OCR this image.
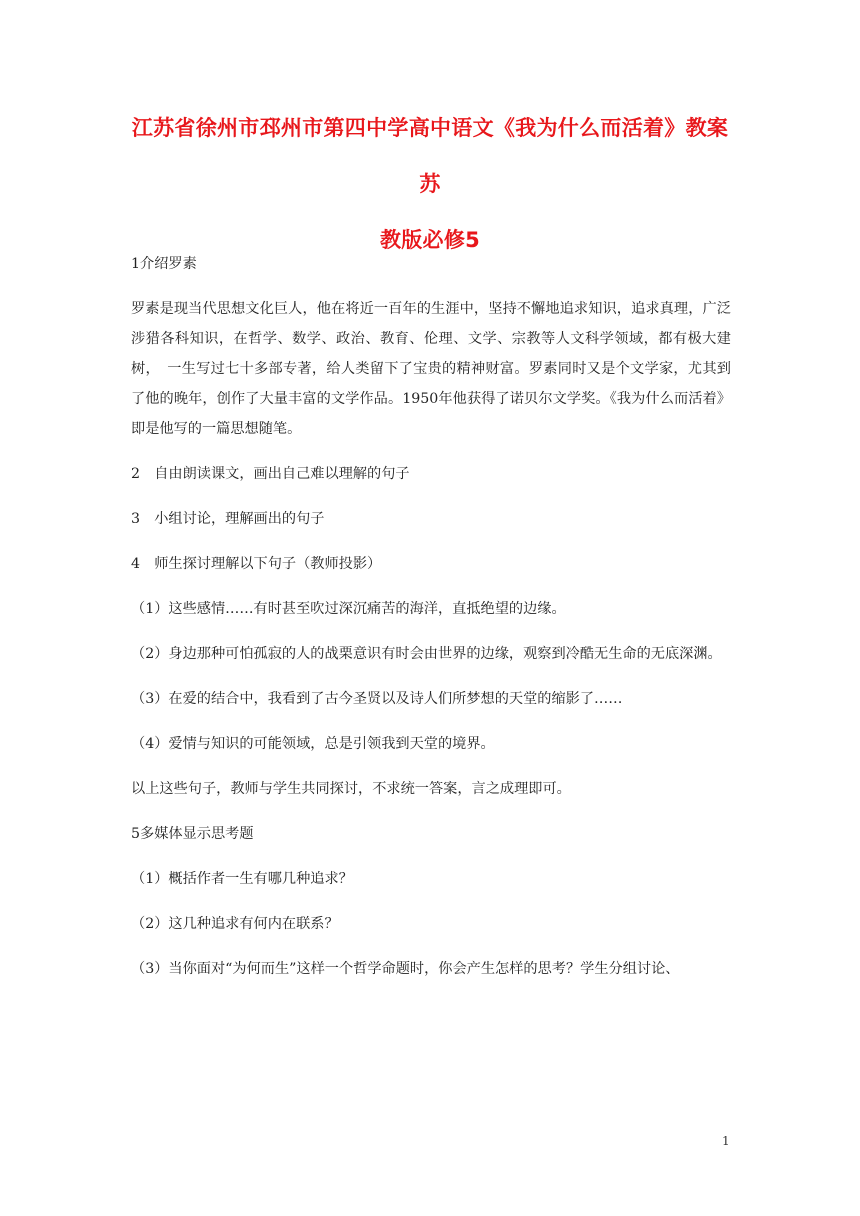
江苏省徐州市邳州市第四中学高中语文《我为什么而活着》教案 苏
教版必修5

1介绍罗素

罗素是现当代思想文化巨人，他在将近一百年的生涯中，坚持不懈地追求知识，追求真理，广泛涉猎各科知识，在哲学、数学、政治、教育、伦理、文学、宗教等人文科学领域，都有极大建树，　一生写过七十多部专著，给人类留下了宝贵的精神财富。罗素同时又是个文学家，尤其到了他的晚年，创作了大量丰富的文学作品。1950年他获得了诺贝尔文学奖。《我为什么而活着》即是他写的一篇思想随笔。

2　自由朗读课文，画出自己难以理解的句子

3　小组讨论，理解画出的句子

4　师生探讨理解以下句子（教师投影）

（1）这些感情……有时甚至吹过深沉痛苦的海洋，直抵绝望的边缘。

（2）身边那种可怕孤寂的人的战栗意识有时会由世界的边缘，观察到冷酷无生命的无底深渊。

（3）在爱的结合中，我看到了古今圣贤以及诗人们所梦想的天堂的缩影了……

（4）爱情与知识的可能领域，总是引领我到天堂的境界。

以上这些句子，教师与学生共同探讨，不求统一答案，言之成理即可。

5多媒体显示思考题

（1）概括作者一生有哪几种追求？

（2）这几种追求有何内在联系？

（3）当你面对“为何而生”这样一个哲学命题时，你会产生怎样的思考？学生分组讨论、

1
